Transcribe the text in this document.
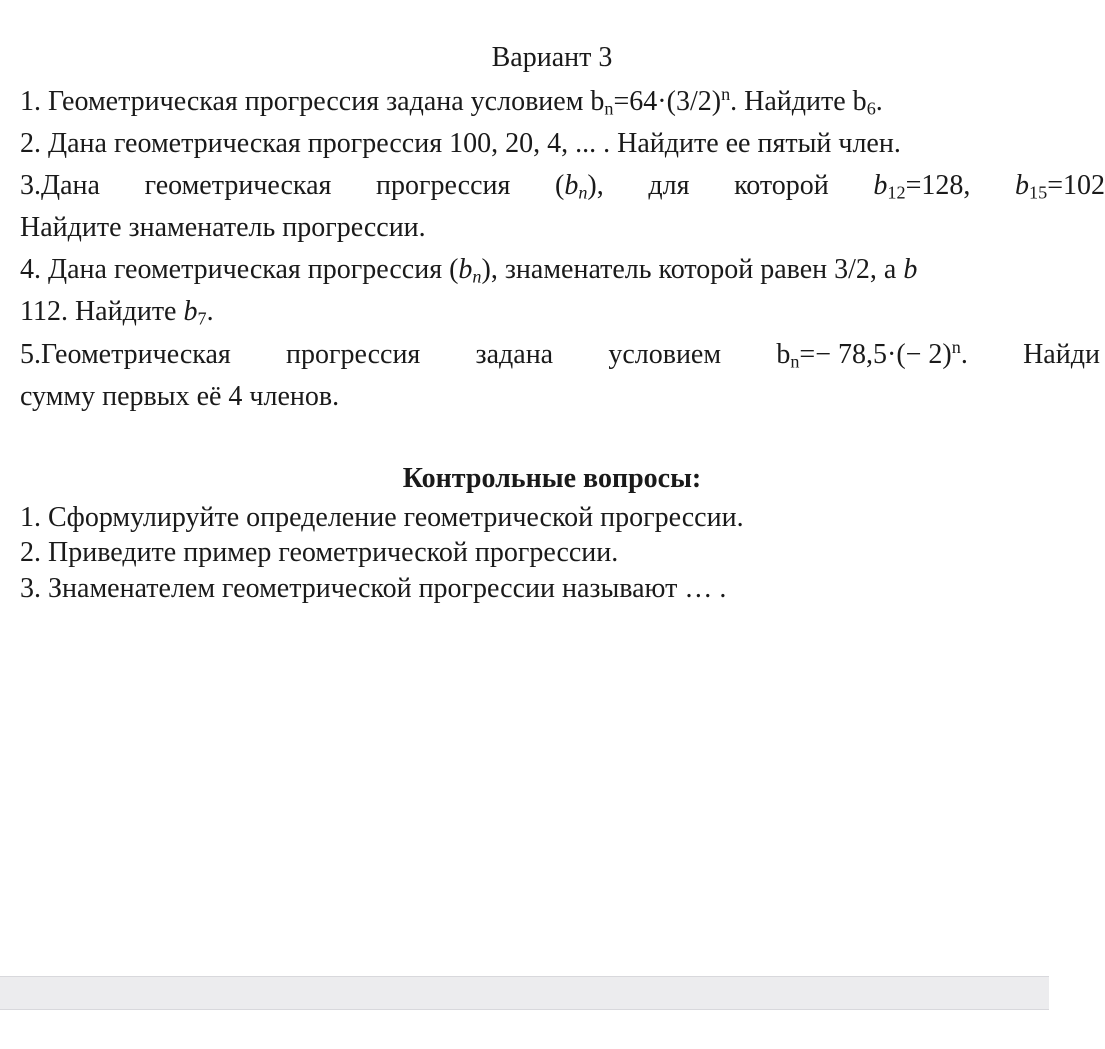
Вариант 3
1. Геометрическая прогрессия задана условием $b_n=64\cdot(3/2)^n$. Найдите $b_6$.
2. Дана геометрическая прогрессия 100, 20, 4, ... . Найдите ее пятый член.
3.Дана геометрическая прогрессия $(b_n)$, для которой $b_{12}=128$, $b_{15}=102$
Найдите знаменатель прогрессии.
4. Дана геометрическая прогрессия $(b_n)$, знаменатель которой равен 3/2, а b
112. Найдите $b_7$.
5.Геометрическая прогрессия задана условием $b_n=- 78,5\cdot(- 2)^n$. Найди
сумму первых её 4 членов.
Контрольные вопросы:
1. Сформулируйте определение геометрической прогрессии.
2. Приведите пример геометрической прогрессии.
3. Знаменателем геометрической прогрессии называют … .
